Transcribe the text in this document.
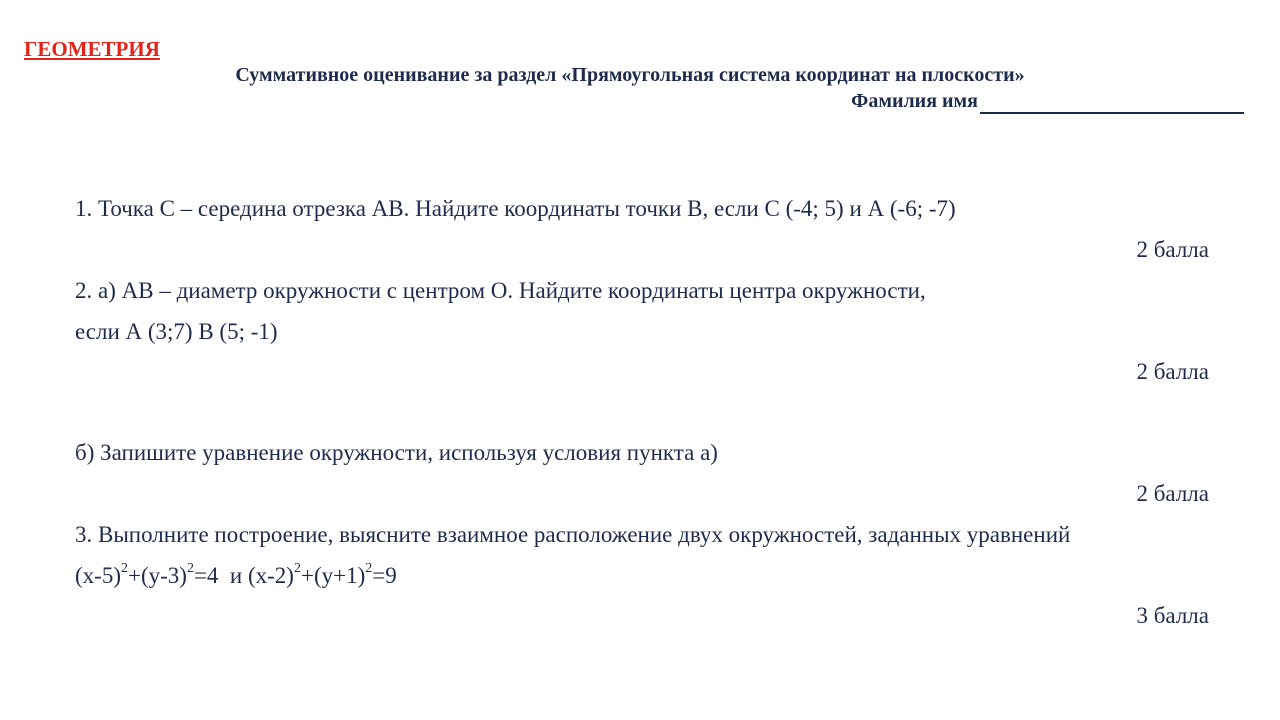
ГЕОМЕТРИЯ
Суммативное оценивание за раздел «Прямоугольная система координат на плоскости»
Фамилия имя

1. Точка С – середина отрезка АВ. Найдите координаты точки В, если С (-4; 5) и А (-6; -7)

2 балла

2. а) АВ – диаметр окружности с центром О. Найдите координаты центра окружности,

если А (3;7) В (5; -1)

2 балла

б) Запишите уравнение окружности, используя условия пункта а)

2 балла

3. Выполните построение, выясните взаимное расположение двух окружностей, заданных уравнений

$(x-5)^2+(y-3)^2=4$ и $(x-2)^2+(y+1)^2=9$

3 балла
